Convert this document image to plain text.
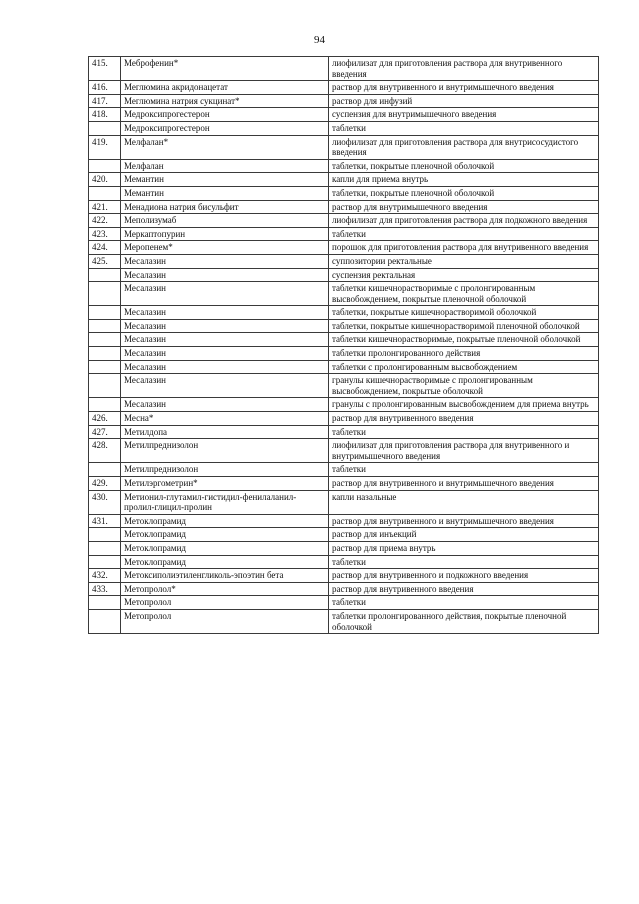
94
415.	Меброфенин*	лиофилизат для приготовления раствора для внутривенного введения
416.	Меглюмина акридонацетат	раствор для внутривенного и внутримышечного введения
417.	Меглюмина натрия сукцинат*	раствор для инфузий
418.	Медроксипрогестерон	суспензия для внутримышечного введения
	Медроксипрогестерон	таблетки
419.	Мелфалан*	лиофилизат для приготовления раствора для внутрисосудистого введения
	Мелфалан	таблетки, покрытые пленочной оболочкой
420.	Мемантин	капли для приема внутрь
	Мемантин	таблетки, покрытые пленочной оболочкой
421.	Менадиона натрия бисульфит	раствор для внутримышечного введения
422.	Меполизумаб	лиофилизат для приготовления раствора для подкожного введения
423.	Меркаптопурин	таблетки
424.	Меропенем*	порошок для приготовления раствора для внутривенного введения
425.	Месалазин	суппозитории ректальные
	Месалазин	суспензия ректальная
	Месалазин	таблетки кишечнорастворимые с пролонгированным высвобождением, покрытые пленочной оболочкой
	Месалазин	таблетки, покрытые кишечнорастворимой оболочкой
	Месалазин	таблетки, покрытые кишечнорастворимой пленочной оболочкой
	Месалазин	таблетки кишечнорастворимые, покрытые пленочной оболочкой
	Месалазин	таблетки пролонгированного действия
	Месалазин	таблетки с пролонгированным высвобождением
	Месалазин	гранулы кишечнорастворимые с пролонгированным высвобождением, покрытые оболочкой
	Месалазин	гранулы с пролонгированным высвобождением для приема внутрь
426.	Месна*	раствор для внутривенного введения
427.	Метилдопа	таблетки
428.	Метилпреднизолон	лиофилизат для приготовления раствора для внутривенного и внутримышечного введения
	Метилпреднизолон	таблетки
429.	Метилэргометрин*	раствор для внутривенного и внутримышечного введения
430.	Метионил-глутамил-гистидил-фенилаланил-пролил-глицил-пролин	капли назальные
431.	Метоклопрамид	раствор для внутривенного и внутримышечного введения
	Метоклопрамид	раствор для инъекций
	Метоклопрамид	раствор для приема внутрь
	Метоклопрамид	таблетки
432.	Метоксиполиэтиленгликоль-эпоэтин бета	раствор для внутривенного и подкожного введения
433.	Метопролол*	раствор для внутривенного введения
	Метопролол	таблетки
	Метопролол	таблетки пролонгированного действия, покрытые пленочной оболочкой
